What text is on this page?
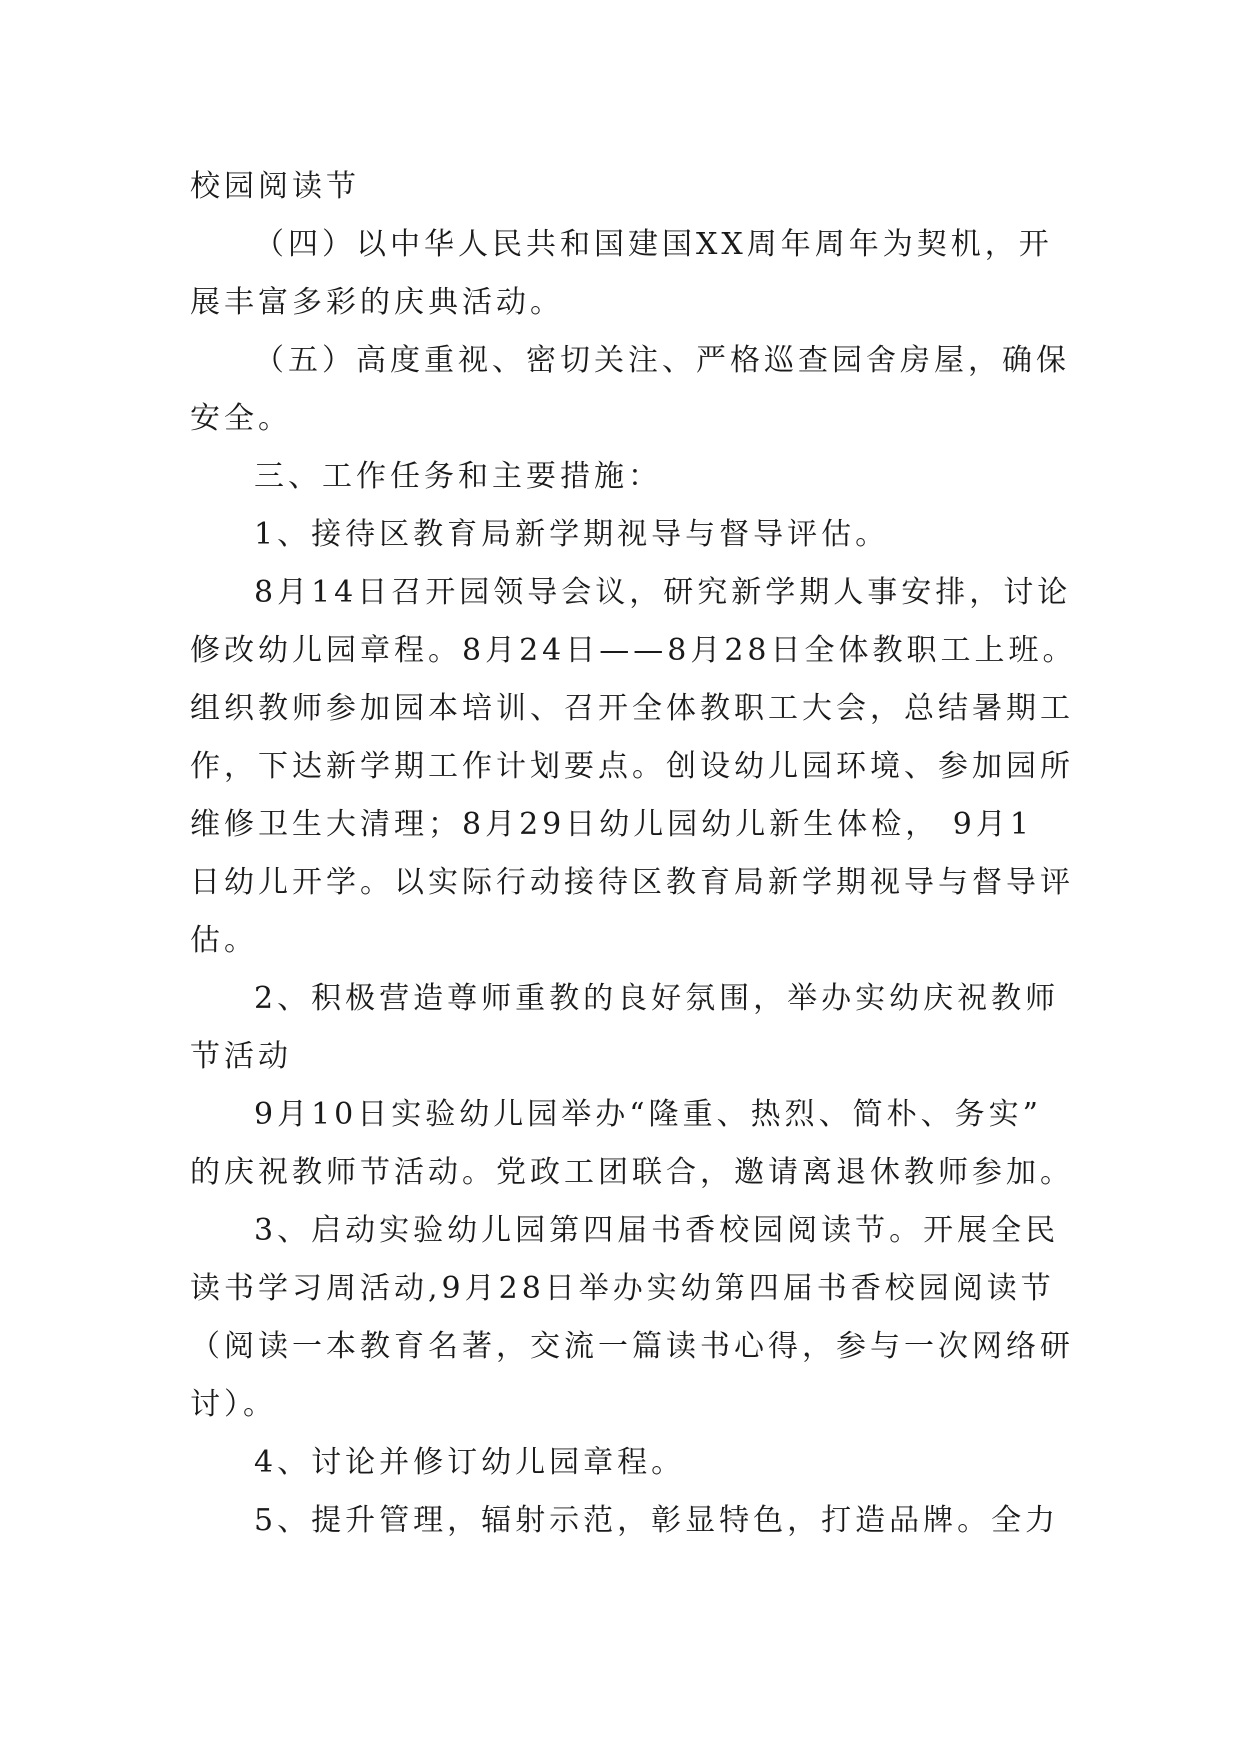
校园阅读节
（四）以中华人民共和国建国XX周年周年为契机，开
展丰富多彩的庆典活动。
（五）高度重视、密切关注、严格巡查园舍房屋，确保
安全。
三、工作任务和主要措施：
1、接待区教育局新学期视导与督导评估。
8月14日召开园领导会议，研究新学期人事安排，讨论
修改幼儿园章程。8月24日——8月28日全体教职工上班。
组织教师参加园本培训、召开全体教职工大会，总结暑期工
作，下达新学期工作计划要点。创设幼儿园环境、参加园所
维修卫生大清理；8月29日幼儿园幼儿新生体检， 9月1
日幼儿开学。以实际行动接待区教育局新学期视导与督导评
估。
2、积极营造尊师重教的良好氛围，举办实幼庆祝教师
节活动
9月10日实验幼儿园举办“隆重、热烈、简朴、务实”
的庆祝教师节活动。党政工团联合，邀请离退休教师参加。
3、启动实验幼儿园第四届书香校园阅读节。开展全民
读书学习周活动,9月28日举办实幼第四届书香校园阅读节
（阅读一本教育名著，交流一篇读书心得，参与一次网络研
讨）。
4、讨论并修订幼儿园章程。
5、提升管理，辐射示范，彰显特色，打造品牌。全力
